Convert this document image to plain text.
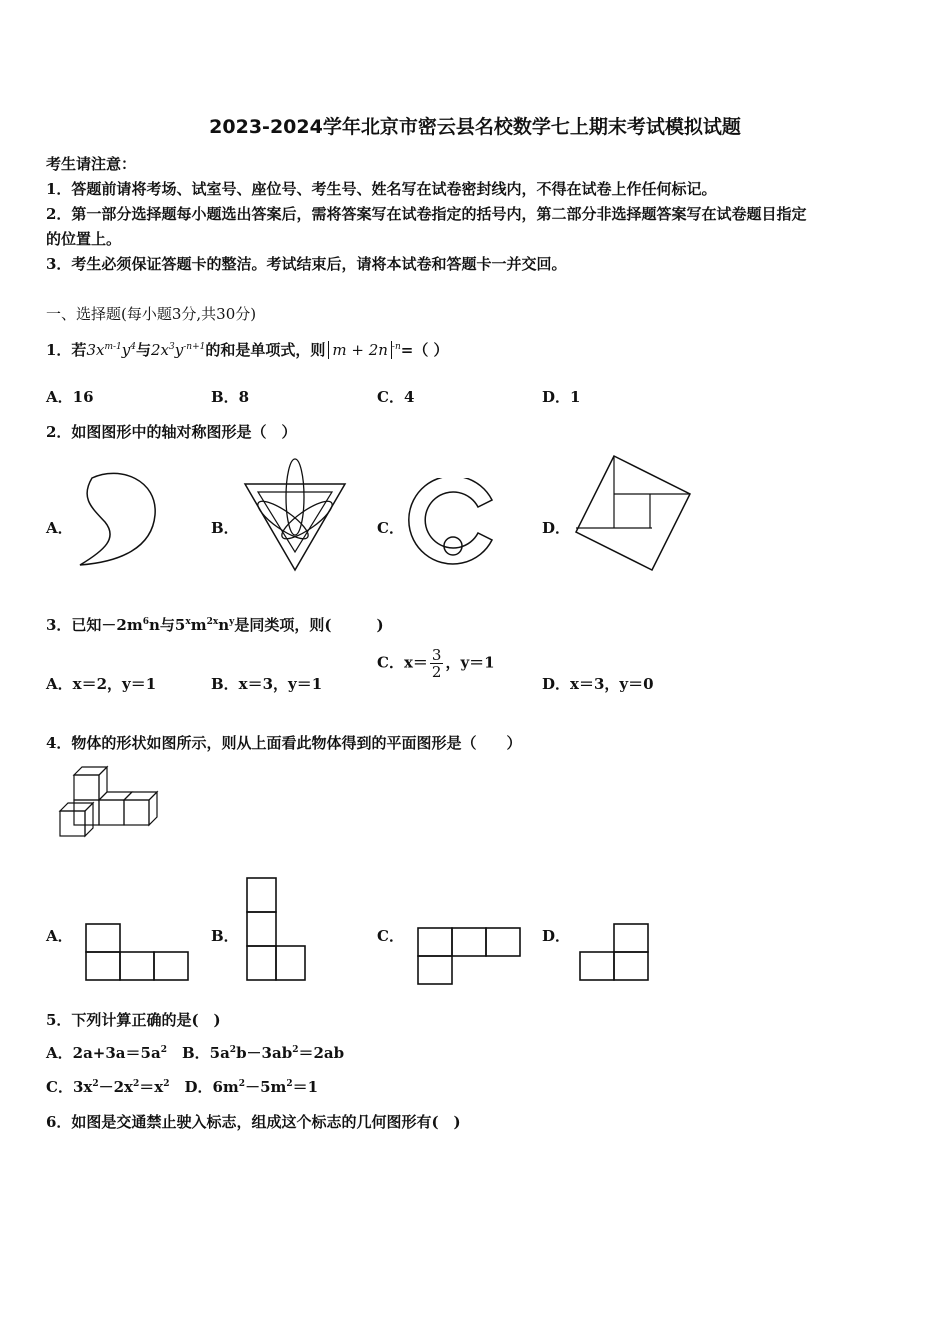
2023-2024学年北京市密云县名校数学七上期末考试模拟试题
考生请注意：
1．答题前请将考场、试室号、座位号、考生号、姓名写在试卷密封线内，不得在试卷上作任何标记。
2．第一部分选择题每小题选出答案后，需将答案写在试卷指定的括号内，第二部分非选择题答案写在试卷题目指定
的位置上。
3．考生必须保证答题卡的整洁。考试结束后，请将本试卷和答题卡一并交回。
一、选择题(每小题3分,共30分)
1．若$3x^{m-1}y^4$与$2x^3y^{-n+1}$的和是单项式，则 m + 2n $^{-n}$=（ ）
A．16	B．8	C．4	D．1
2．如图图形中的轴对称图形是（　）
A．	B．	C．	D．
3．已知$-2m^6n$与$5^xm^{2x}n^y$是同类项，则(　　　)
A．x＝2，y＝1	B．x＝3，y＝1
C．$x= \frac{3}{2}$ ，y＝1
D．x＝3，y＝0
4．物体的形状如图所示，则从上面看此物体得到的平面图形是（　　）
A．	B．	C．	D．
5．下列计算正确的是(　)
A．$2a+3a=5a^2$　B．$5a^2b-3ab^2=2ab$
C．$3x^2-2x^2=x^2$　D．$6m^2-5m^2=1$
6．如图是交通禁止驶入标志，组成这个标志的几何图形有(　)
